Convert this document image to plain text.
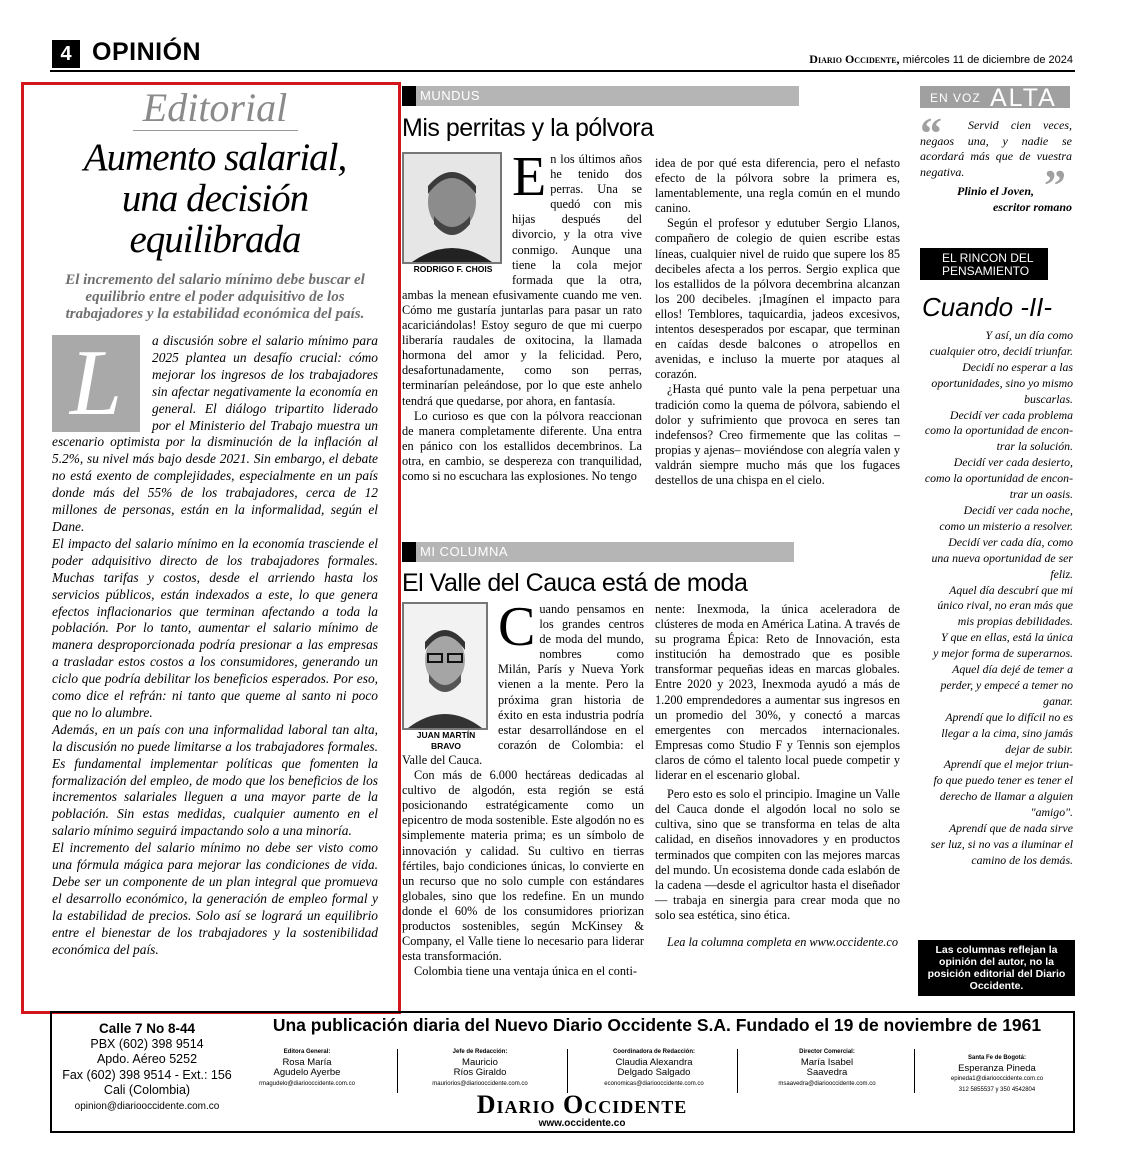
4 OPINIÓN	Diario Occidente, miércoles 11 de diciembre de 2024
Editorial
Aumento salarial, una decisión equilibrada
El incremento del salario mínimo debe buscar el equilibrio entre el poder adquisitivo de los trabajadores y la estabilidad económica del país.
L	a discusión sobre el salario mínimo para 2025 plantea un desafío crucial: cómo mejorar los ingresos de los trabajadores sin afectar negativamente la economía en general. El diálogo tripartito liderado por el Ministerio del Trabajo muestra un escenario optimista por la disminución de la inflación al 5.2%, su nivel más bajo desde 2021. Sin embargo, el debate no está exento de complejidades, especialmente en un país donde más del 55% de los trabajadores, cerca de 12 millones de personas, están en la informalidad, según el Dane.

El impacto del salario mínimo en la economía trasciende el poder adquisitivo directo de los trabajadores formales. Muchas tarifas y costos, desde el arriendo hasta los servicios públicos, están indexados a este, lo que genera efectos inflacionarios que terminan afectando a toda la población. Por lo tanto, aumentar el salario mínimo de manera desproporcionada podría presionar a las empresas a trasladar estos costos a los consumidores, generando un ciclo que podría debilitar los beneficios esperados. Por eso, como dice el refrán: ni tanto que queme al santo ni poco que no lo alumbre.

Además, en un país con una informalidad laboral tan alta, la discusión no puede limitarse a los trabajadores formales. Es fundamental implementar políticas que fomenten la formalización del empleo, de modo que los beneficios de los incrementos salariales lleguen a una mayor parte de la población. Sin estas medidas, cualquier aumento en el salario mínimo seguirá impactando solo a una minoría.

El incremento del salario mínimo no debe ser visto como una fórmula mágica para mejorar las condiciones de vida. Debe ser un componente de un plan integral que promueva el desarrollo económico, la generación de empleo formal y la estabilidad de precios. Solo así se logrará un equilibrio entre el bienestar de los trabajadores y la sostenibilidad económica del país.

MUNDUS
Mis perritas y la pólvora
RODRIGO F. CHOIS
E n los últimos años he tenido dos perras. Una se quedó con mis hijas después del divorcio, y la otra vive conmigo. Aunque una tiene la cola mejor formada que la otra, ambas la menean efusivamente cuando me ven. Cómo me gustaría juntarlas para pasar un rato acariciándolas! Estoy seguro de que mi cuerpo liberaría raudales de oxitocina, la llamada hormona del amor y la felicidad. Pero, desafortunadamente, como son perras, terminarían peleándose, por lo que este anhelo tendrá que quedarse, por ahora, en fantasía.

Lo curioso es que con la pólvora reaccionan de manera completamente diferente. Una entra en pánico con los estallidos decembrinos. La otra, en cambio, se despereza con tranquilidad, como si no escuchara las explosiones. No tengo

idea de por qué esta diferencia, pero el nefasto efecto de la pólvora sobre la primera es, lamentablemente, una regla común en el mundo canino.

Según el profesor y edutuber Sergio Llanos, compañero de colegio de quien escribe estas líneas, cualquier nivel de ruido que supere los 85 decibeles afecta a los perros. Sergio explica que los estallidos de la pólvora decembrina alcanzan los 200 decibeles. ¡Imagínen el impacto para ellos! Temblores, taquicardia, jadeos excesivos, intentos desesperados por escapar, que terminan en caídas desde balcones o atropellos en avenidas, e incluso la muerte por ataques al corazón.

¿Hasta qué punto vale la pena perpetuar una tradición como la quema de pólvora, sabiendo el dolor y sufrimiento que provoca en seres tan indefensos? Creo firmemente que las colitas –propias y ajenas– moviéndose con alegría valen y valdrán siempre mucho más que los fugaces destellos de una chispa en el cielo.

MI COLUMNA
El Valle del Cauca está de moda
JUAN MARTÍN BRAVO
C uando pensamos en los grandes centros de moda del mundo, nombres como Milán, París y Nueva York vienen a la mente. Pero la próxima gran historia de éxito en esta industria podría estar desarrollándose en el corazón de Colombia: el Valle del Cauca.

Con más de 6.000 hectáreas dedicadas al cultivo de algodón, esta región se está posicionando estratégicamente como un epicentro de moda sostenible. Este algodón no es simplemente materia prima; es un símbolo de innovación y calidad. Su cultivo en tierras fértiles, bajo condiciones únicas, lo convierte en un recurso que no solo cumple con estándares globales, sino que los redefine. En un mundo donde el 60% de los consumidores priorizan productos sostenibles, según McKinsey & Company, el Valle tiene lo necesario para liderar esta transformación.

Colombia tiene una ventaja única en el conti-

nente: Inexmoda, la única aceleradora de clústeres de moda en América Latina. A través de su programa Épica: Reto de Innovación, esta institución ha demostrado que es posible transformar pequeñas ideas en marcas globales. Entre 2020 y 2023, Inexmoda ayudó a más de 1.200 emprendedores a aumentar sus ingresos en un promedio del 30%, y conectó a marcas emergentes con mercados internacionales. Empresas como Studio F y Tennis son ejemplos claros de cómo el talento local puede competir y liderar en el escenario global.

Pero esto es solo el principio. Imagine un Valle del Cauca donde el algodón local no solo se cultiva, sino que se transforma en telas de alta calidad, en diseños innovadores y en productos terminados que compiten con las mejores marcas del mundo. Un ecosistema donde cada eslabón de la cadena —desde el agricultor hasta el diseñador— trabaja en sinergia para crear moda que no solo sea estética, sino ética.

Lea la columna completa en www.occidente.co

EN VOZ ALTA
“	Servid cien veces, negaos una, y nadie se acordará más que de vuestra negativa.
Plinio el Joven,
escritor romano
”
EL RINCON DEL
PENSAMIENTO
Cuando -II-
Y así, un día como
cualquier otro, decidí triunfar.
Decidí no esperar a las
oportunidades, sino yo mismo
buscarlas.
Decidí ver cada problema
como la oportunidad de encon-
trar la solución.
Decidí ver cada desierto,
como la oportunidad de encon-
trar un oasis.
Decidí ver cada noche,
como un misterio a resolver.
Decidí ver cada día, como
una nueva oportunidad de ser
feliz.
Aquel día descubrí que mi
único rival, no eran más que
mis propias debilidades.
Y que en ellas, está la única
y mejor forma de superarnos.
Aquel día dejé de temer a
perder, y empecé a temer no
ganar.
Aprendí que lo difícil no es
llegar a la cima, sino jamás
dejar de subir.
Aprendí que el mejor triun-
fo que puedo tener es tener el
derecho de llamar a alguien
"amigo".
Aprendí que de nada sirve
ser luz, si no vas a iluminar el
camino de los demás.
Las columnas reflejan la opinión del autor, no la posición editorial del Diario Occidente.
Calle 7 No 8-44
PBX (602) 398 9514
Apdo. Aéreo 5252
Fax (602) 398 9514 - Ext.: 156
Cali (Colombia)
opinion@diariooccidente.com.co
Una publicación diaria del Nuevo Diario Occidente S.A. Fundado el 19 de noviembre de 1961
Editora General:
Rosa María
Agudelo Ayerbe
rmagudelo@diariooccidente.com.co
Jefe de Redacción:
Mauricio
Ríos Giraldo
mauriorios@diariooccidente.com.co
Coordinadora de Redacción:
Claudia Alexandra
Delgado Salgado
economicas@diariooccidente.com.co
Director Comercial:
María Isabel
Saavedra
msaavedra@diariooccidente.com.co
Santa Fe de Bogotá:
Esperanza Pineda
epineda1@diariooccidente.com.co
312 5855537 y 350 4542804
Diario Occidente
www.occidente.co
